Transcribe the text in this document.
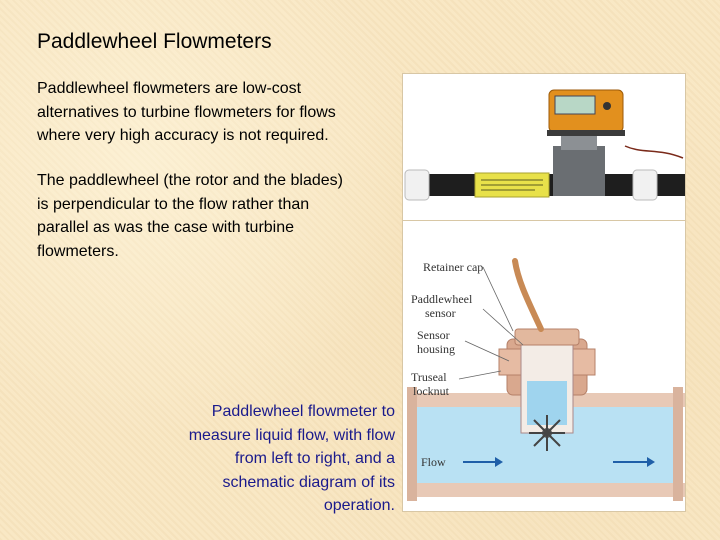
Paddlewheel Flowmeters

Paddlewheel flowmeters are low-cost alternatives to turbine flowmeters for flows where very high accuracy is not required.

The paddlewheel (the rotor and the blades) is perpendicular to the flow rather than parallel as was the case with turbine flowmeters.

Paddlewheel flowmeter to measure liquid flow, with flow from left to right, and a schematic diagram of its operation.
Retainer cap
Paddlewheel
sensor
Sensor
housing
Truseal
locknut
Flow
